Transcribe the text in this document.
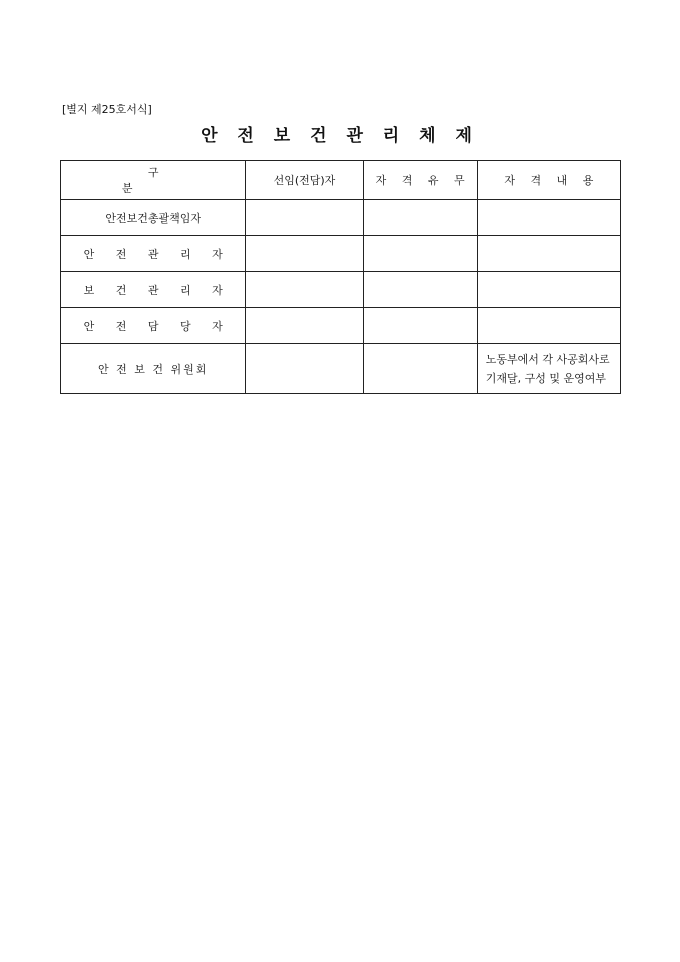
[별지 제25호서식]
안 전 보 건 관 리 체 제
구 분	선임(전담)자	자 격 유 무	자 격 내 용
안전보건총괄책임자			
안 전 관 리 자			
보 건 관 리 자			
안 전 담 당 자			
안 전 보 건 위원회			노동부에서 각 사공회사로
기재달, 구성 및 운영여부
